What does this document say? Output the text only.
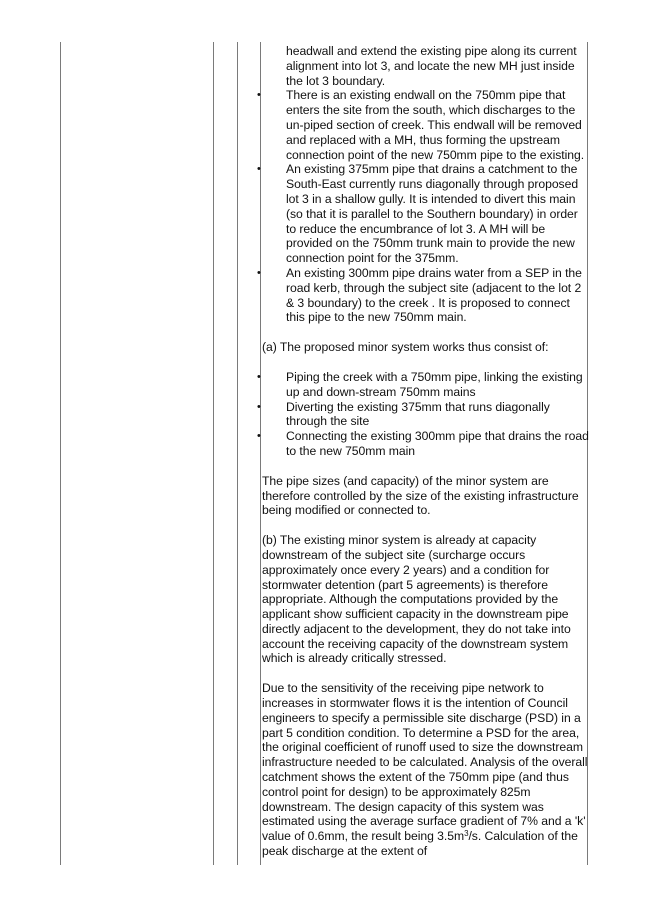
headwall and extend the existing pipe along its current alignment into lot 3, and locate the new MH just inside the lot 3 boundary.

• There is an existing endwall on the 750mm pipe that enters the site from the south, which discharges to the un-piped section of creek. This endwall will be removed and replaced with a MH, thus forming the upstream connection point of the new 750mm pipe to the existing.
• An existing 375mm pipe that drains a catchment to the South-East currently runs diagonally through proposed lot 3 in a shallow gully. It is intended to divert this main (so that it is parallel to the Southern boundary) in order to reduce the encumbrance of lot 3. A MH will be provided on the 750mm trunk main to provide the new connection point for the 375mm.
• An existing 300mm pipe drains water from a SEP in the road kerb, through the subject site (adjacent to the lot 2 & 3 boundary) to the creek . It is proposed to connect this pipe to the new 750mm main.

(a) The proposed minor system works thus consist of:

• Piping the creek with a 750mm pipe, linking the existing up and down-stream 750mm mains
• Diverting the existing 375mm that runs diagonally through the site
• Connecting the existing 300mm pipe that drains the road to the new 750mm main

The pipe sizes (and capacity) of the minor system are therefore controlled by the size of the existing infrastructure being modified or connected to.

(b) The existing minor system is already at capacity downstream of the subject site (surcharge occurs approximately once every 2 years) and a condition for stormwater detention (part 5 agreements) is therefore appropriate. Although the computations provided by the applicant show sufficient capacity in the downstream pipe directly adjacent to the development, they do not take into account the receiving capacity of the downstream system which is already critically stressed.

Due to the sensitivity of the receiving pipe network to increases in stormwater flows it is the intention of Council engineers to specify a permissible site discharge (PSD) in a part 5 condition condition. To determine a PSD for the area, the original coefficient of runoff used to size the downstream infrastructure needed to be calculated. Analysis of the overall catchment shows the extent of the 750mm pipe (and thus control point for design) to be approximately 825m downstream. The design capacity of this system was estimated using the average surface gradient of 7% and a 'k' value of 0.6mm, the result being $3.5m^3/s$. Calculation of the peak discharge at the extent of
